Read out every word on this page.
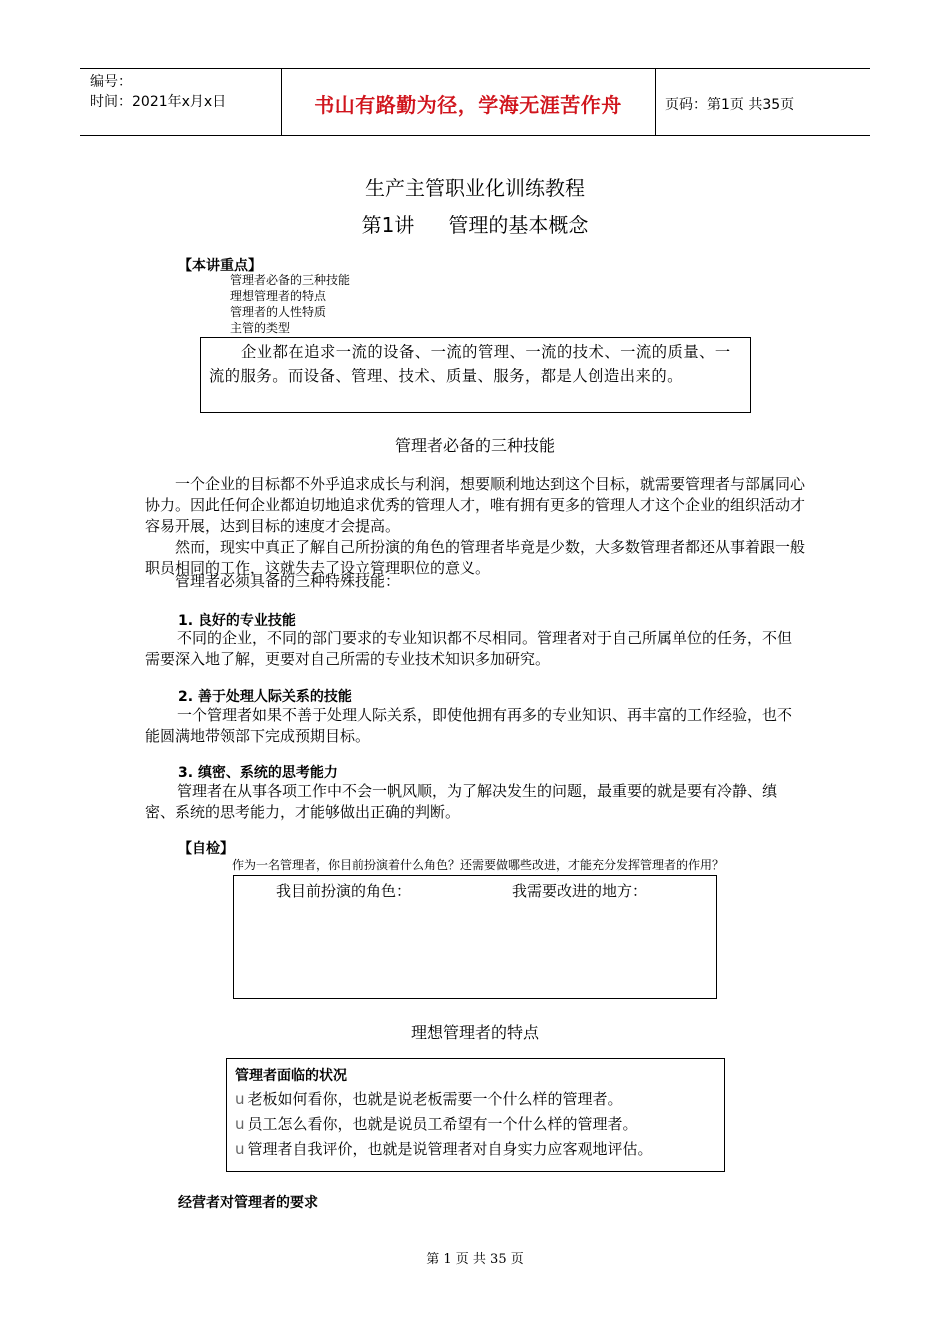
编号：
时间：2021年x月x日	书山有路勤为径，学海无涯苦作舟	页码：第1页 共35页
生产主管职业化训练教程
第1讲 管理的基本概念
【本讲重点】
管理者必备的三种技能
理想管理者的特点
管理者的人性特质
主管的类型

企业都在追求一流的设备、一流的管理、一流的技术、一流的质量、一流的服务。而设备、管理、技术、质量、服务，都是人创造出来的。

管理者必备的三种技能

一个企业的目标都不外乎追求成长与利润，想要顺利地达到这个目标，就需要管理者与部属同心协力。因此任何企业都迫切地追求优秀的管理人才，唯有拥有更多的管理人才这个企业的组织活动才容易开展，达到目标的速度才会提高。

然而，现实中真正了解自己所扮演的角色的管理者毕竟是少数，大多数管理者都还从事着跟一般职员相同的工作，这就失去了设立管理职位的意义。

管理者必须具备的三种特殊技能：

1. 良好的专业技能

不同的企业，不同的部门要求的专业知识都不尽相同。管理者对于自己所属单位的任务，不但需要深入地了解，更要对自己所需的专业技术知识多加研究。

2. 善于处理人际关系的技能

一个管理者如果不善于处理人际关系，即使他拥有再多的专业知识、再丰富的工作经验，也不能圆满地带领部下完成预期目标。

3. 缜密、系统的思考能力

管理者在从事各项工作中不会一帆风顺，为了解决发生的问题，最重要的就是要有冷静、缜密、系统的思考能力，才能够做出正确的判断。

【自检】
作为一名管理者，你目前扮演着什么角色？还需要做哪些改进，才能充分发挥管理者的作用？
我目前扮演的角色：	我需要改进的地方：
理想管理者的特点
管理者面临的状况
u 老板如何看你，也就是说老板需要一个什么样的管理者。
u 员工怎么看你，也就是说员工希望有一个什么样的管理者。
u 管理者自我评价，也就是说管理者对自身实力应客观地评估。
经营者对管理者的要求
第 1 页 共 35 页
